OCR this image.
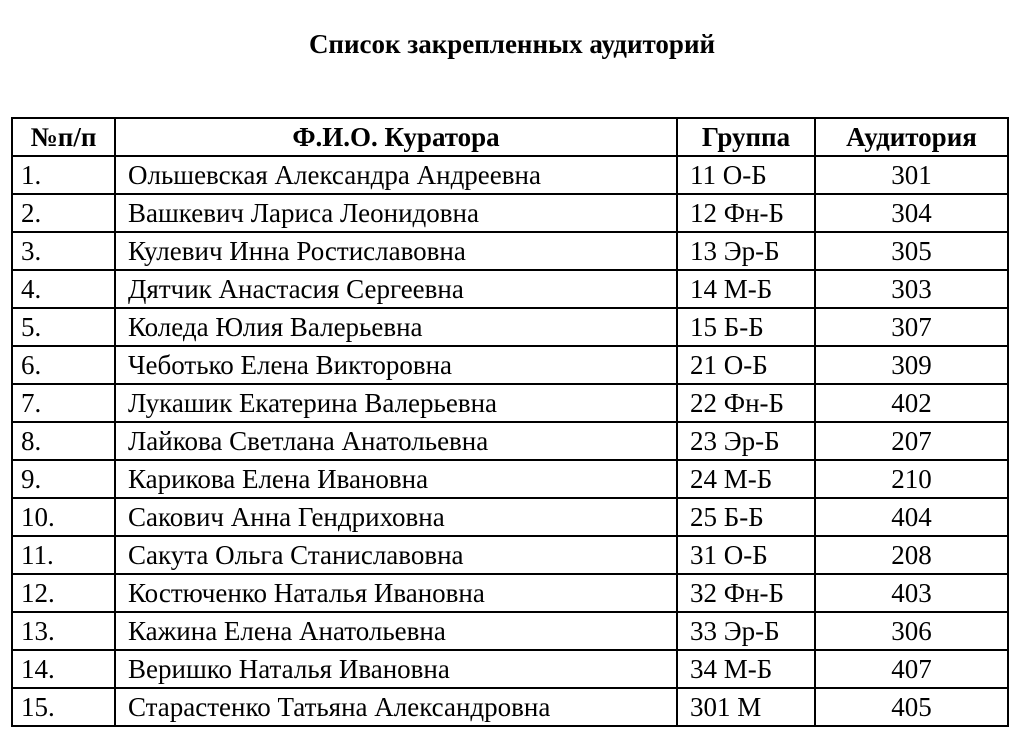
Список закрепленных аудиторий
№п/п	Ф.И.О. Куратора	Группа	Аудитория
1.	Ольшевская Александра Андреевна	11 О-Б	301
2.	Вашкевич Лариса Леонидовна	12 Фн-Б	304
3.	Кулевич Инна Ростиславовна	13 Эр-Б	305
4.	Дятчик Анастасия Сергеевна	14 М-Б	303
5.	Коледа Юлия Валерьевна	15 Б-Б	307
6.	Чеботько Елена Викторовна	21 О-Б	309
7.	Лукашик Екатерина Валерьевна	22 Фн-Б	402
8.	Лайкова Светлана Анатольевна	23 Эр-Б	207
9.	Карикова Елена Ивановна	24 М-Б	210
10.	Сакович Анна Гендриховна	25 Б-Б	404
11.	Сакута Ольга Станиславовна	31 О-Б	208
12.	Костюченко Наталья Ивановна	32 Фн-Б	403
13.	Кажина Елена Анатольевна	33 Эр-Б	306
14.	Веришко Наталья Ивановна	34 М-Б	407
15.	Старастенко Татьяна Александровна	301 М	405
